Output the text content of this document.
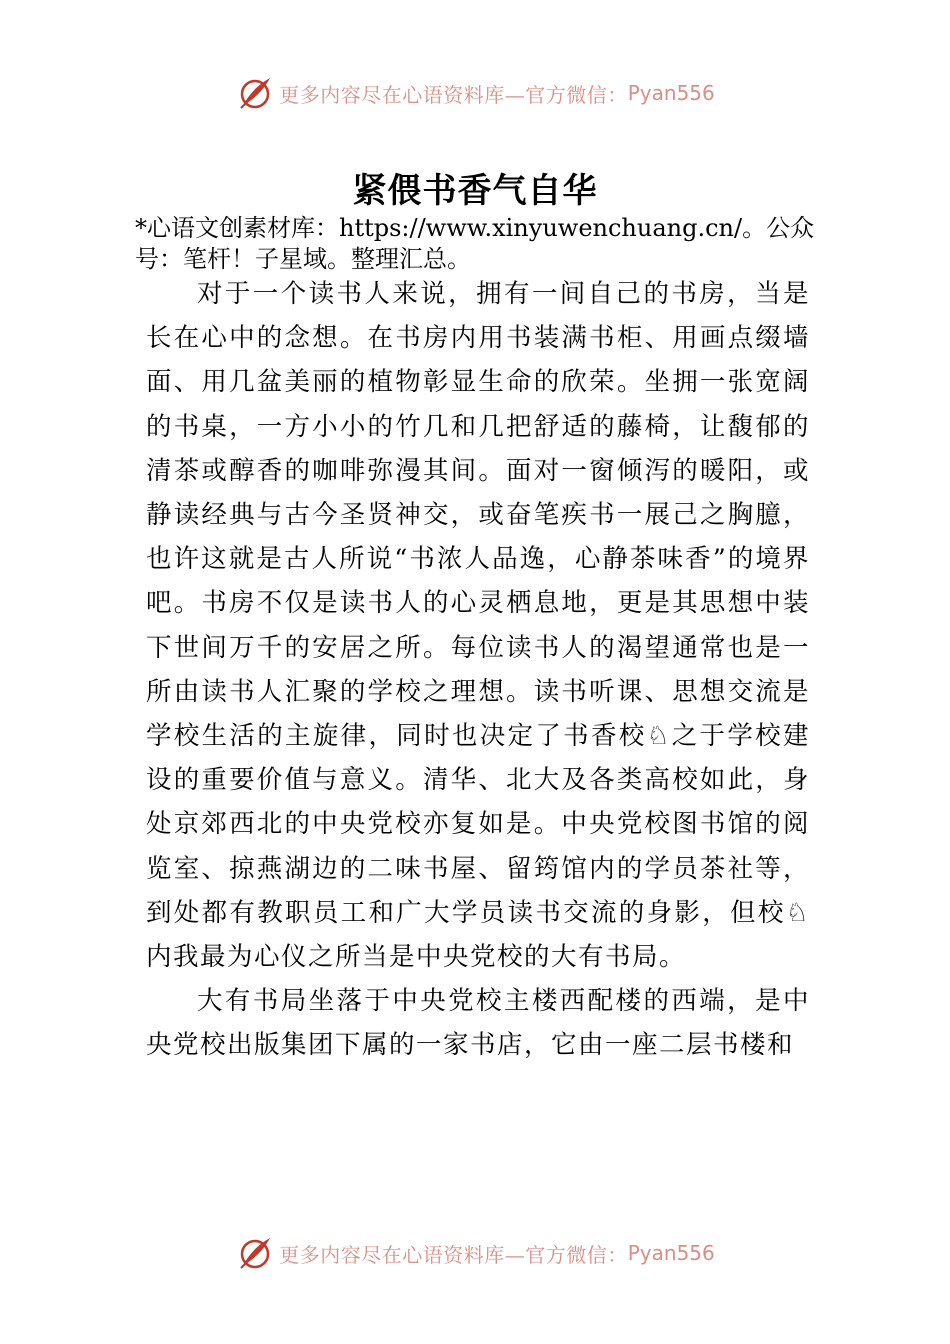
更多内容尽在心语资料库—官方微信： Pyan556
紧偎书香气自华
*心语文创素材库：https://www.xinyuwenchuang.cn/。公众号：笔杆！子星域。整理汇总。

对于一个读书人来说，拥有一间自己的书房，当是长在心中的念想。在书房内用书装满书柜、用画点缀墙面、用几盆美丽的植物彰显生命的欣荣。坐拥一张宽阔的书桌，一方小小的竹几和几把舒适的藤椅，让馥郁的清茶或醇香的咖啡弥漫其间。面对一窗倾泻的暖阳，或静读经典与古今圣贤神交，或奋笔疾书一展己之胸臆，也许这就是古人所说“书浓人品逸，心静茶味香”的境界吧。书房不仅是读书人的心灵栖息地，更是其思想中装下世间万千的安居之所。每位读书人的渴望通常也是一所由读书人汇聚的学校之理想。读书听课、思想交流是学校生活的主旋律，同时也决定了书香校♘之于学校建设的重要价值与意义。清华、北大及各类高校如此，身处京郊西北的中央党校亦复如是。中央党校图书馆的阅览室、掠燕湖边的二味书屋、留筠馆内的学员茶社等，到处都有教职员工和广大学员读书交流的身影，但校♘内我最为心仪之所当是中央党校的大有书局。

大有书局坐落于中央党校主楼西配楼的西端，是中央党校出版集团下属的一家书店，它由一座二层书楼和

更多内容尽在心语资料库—官方微信： Pyan556
